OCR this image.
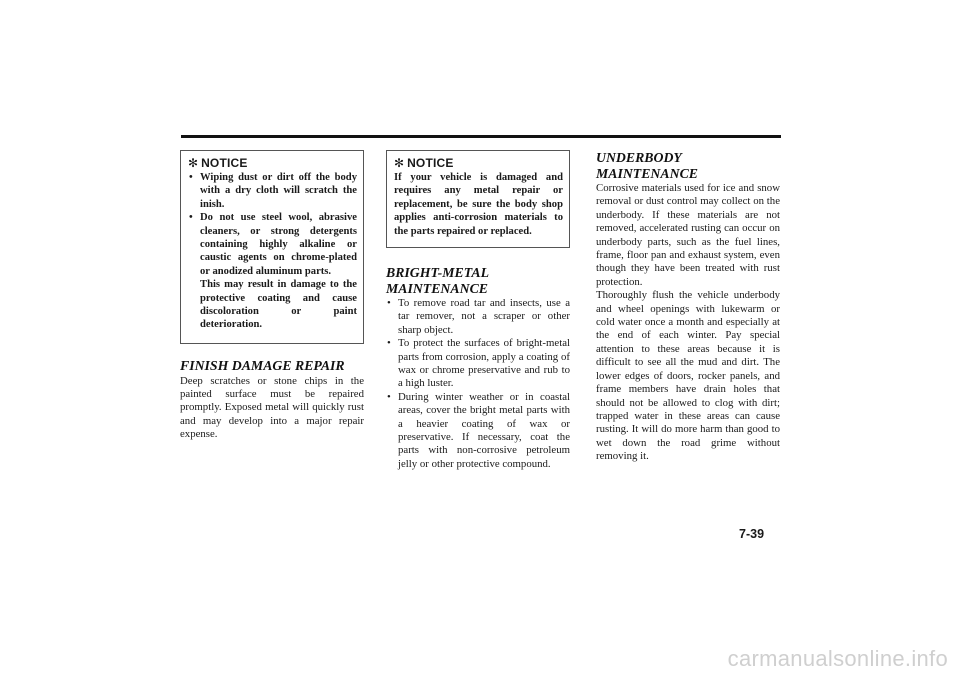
✻ NOTICE
• Wiping dust or dirt off the body with a dry cloth will scratch the inish.
• Do not use steel wool, abrasive cleaners, or strong detergents containing highly alkaline or caustic agents on chrome-plated or anodized aluminum parts.
This may result in damage to the protective coating and cause discoloration or paint deterioration.
FINISH DAMAGE REPAIR

Deep scratches or stone chips in the painted surface must be repaired promptly. Exposed metal will quickly rust and may develop into a major repair expense.

✻ NOTICE
If your vehicle is damaged and requires any metal repair or replacement, be sure the body shop applies anti-corrosion materials to the parts repaired or replaced.
BRIGHT-METAL MAINTENANCE
• To remove road tar and insects, use a tar remover, not a scraper or other sharp object.
• To protect the surfaces of bright-metal parts from corrosion, apply a coating of wax or chrome preservative and rub to a high luster.
• During winter weather or in coastal areas, cover the bright metal parts with a heavier coating of wax or preservative. If necessary, coat the parts with non-corrosive petroleum jelly or other protective compound.
UNDERBODY
MAINTENANCE

Corrosive materials used for ice and snow removal or dust control may collect on the underbody. If these materials are not removed, accelerated rusting can occur on underbody parts, such as the fuel lines, frame, floor pan and exhaust system, even though they have been treated with rust protection.

Thoroughly flush the vehicle underbody and wheel openings with lukewarm or cold water once a month and especially at the end of each winter. Pay special attention to these areas because it is difficult to see all the mud and dirt. The lower edges of doors, rocker panels, and frame members have drain holes that should not be allowed to clog with dirt; trapped water in these areas can cause rusting. It will do more harm than good to wet down the road grime without removing it.

7-39
carmanualsonline.info
